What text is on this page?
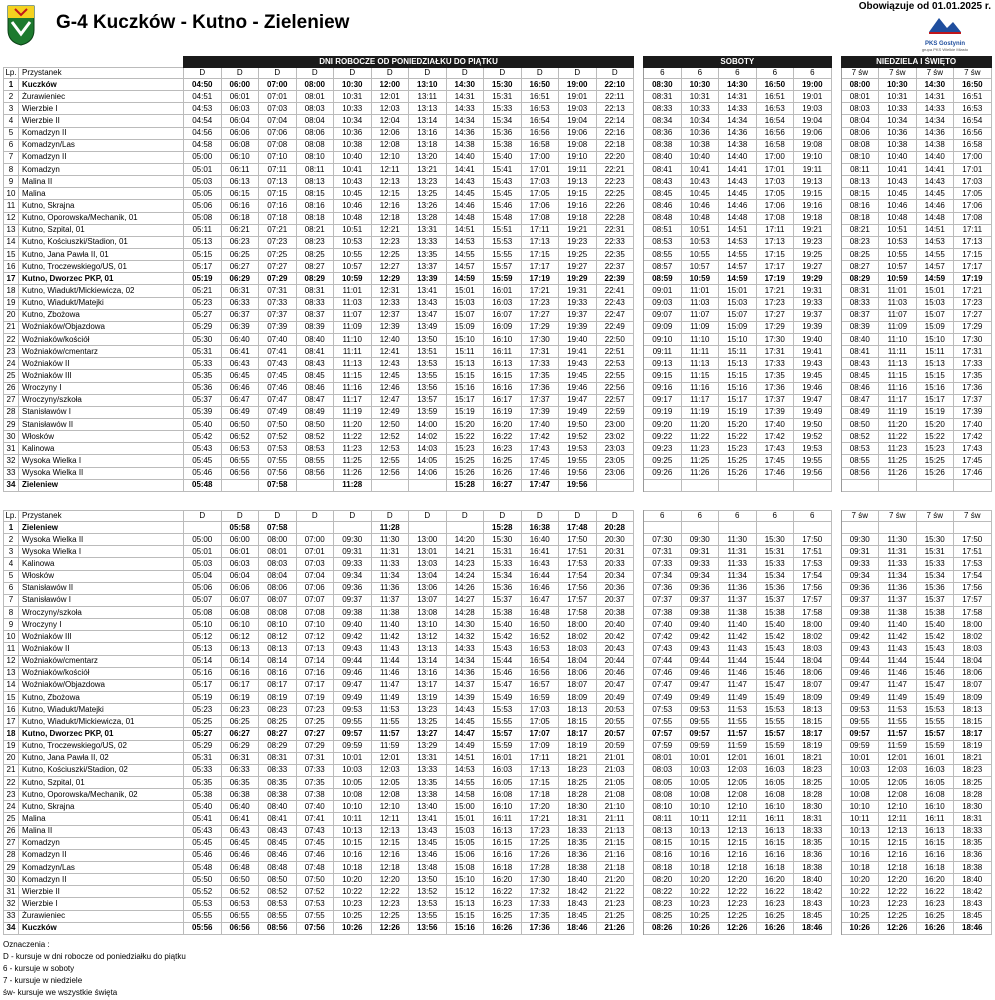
G-4 Kuczków - Kutno - Zieleniew
Obowiązuje od 01.01.2025 r.
PKS Gostynin
grupa PKS Wielkie Miasto
		DNI ROBOCZE OD PONIEDZIAŁKU DO PIĄTKU													SOBOTY						NIEDZIELA I ŚWIĘTO			
Lp.	Przystanek	D	D	D	D	D	D	D	D	D	D	D	D		6	6	6	6	6		7 św	7 św	7 św	7 św
1	Kuczków	04:50	06:00	07:00	08:00	10:30	12:00	13:10	14:30	15:30	16:50	19:00	22:10		08:30	10:30	14:30	16:50	19:00		08:00	10:30	14:30	16:50
2	Żurawieniec	04:51	06:01	07:01	08:01	10:31	12:01	13:11	14:31	15:31	16:51	19:01	22:11		08:31	10:31	14:31	16:51	19:01		08:01	10:31	14:31	16:51
3	Wierzbie I	04:53	06:03	07:03	08:03	10:33	12:03	13:13	14:33	15:33	16:53	19:03	22:13		08:33	10:33	14:33	16:53	19:03		08:03	10:33	14:33	16:53
4	Wierzbie II	04:54	06:04	07:04	08:04	10:34	12:04	13:14	14:34	15:34	16:54	19:04	22:14		08:34	10:34	14:34	16:54	19:04		08:04	10:34	14:34	16:54
5	Komadzyn II	04:56	06:06	07:06	08:06	10:36	12:06	13:16	14:36	15:36	16:56	19:06	22:16		08:36	10:36	14:36	16:56	19:06		08:06	10:36	14:36	16:56
6	Komadzyn/Las	04:58	06:08	07:08	08:08	10:38	12:08	13:18	14:38	15:38	16:58	19:08	22:18		08:38	10:38	14:38	16:58	19:08		08:08	10:38	14:38	16:58
7	Komadzyn II	05:00	06:10	07:10	08:10	10:40	12:10	13:20	14:40	15:40	17:00	19:10	22:20		08:40	10:40	14:40	17:00	19:10		08:10	10:40	14:40	17:00
8	Komadzyn	05:01	06:11	07:11	08:11	10:41	12:11	13:21	14:41	15:41	17:01	19:11	22:21		08:41	10:41	14:41	17:01	19:11		08:11	10:41	14:41	17:01
9	Malina II	05:03	06:13	07:13	08:13	10:43	12:13	13:23	14:43	15:43	17:03	19:13	22:23		08:43	10:43	14:43	17:03	19:13		08:13	10:43	14:43	17:03
10	Malina	05:05	06:15	07:15	08:15	10:45	12:15	13:25	14:45	15:45	17:05	19:15	22:25		08:45	10:45	14:45	17:05	19:15		08:15	10:45	14:45	17:05
11	Kutno, Skrajna	05:06	06:16	07:16	08:16	10:46	12:16	13:26	14:46	15:46	17:06	19:16	22:26		08:46	10:46	14:46	17:06	19:16		08:16	10:46	14:46	17:06
12	Kutno, Oporowska/Mechanik, 01	05:08	06:18	07:18	08:18	10:48	12:18	13:28	14:48	15:48	17:08	19:18	22:28		08:48	10:48	14:48	17:08	19:18		08:18	10:48	14:48	17:08
13	Kutno, Szpital, 01	05:11	06:21	07:21	08:21	10:51	12:21	13:31	14:51	15:51	17:11	19:21	22:31		08:51	10:51	14:51	17:11	19:21		08:21	10:51	14:51	17:11
14	Kutno, Kościuszki/Stadion, 01	05:13	06:23	07:23	08:23	10:53	12:23	13:33	14:53	15:53	17:13	19:23	22:33		08:53	10:53	14:53	17:13	19:23		08:23	10:53	14:53	17:13
15	Kutno, Jana Pawła II, 01	05:15	06:25	07:25	08:25	10:55	12:25	13:35	14:55	15:55	17:15	19:25	22:35		08:55	10:55	14:55	17:15	19:25		08:25	10:55	14:55	17:15
16	Kutno, Troczewskiego/US, 01	05:17	06:27	07:27	08:27	10:57	12:27	13:37	14:57	15:57	17:17	19:27	22:37		08:57	10:57	14:57	17:17	19:27		08:27	10:57	14:57	17:17
17	Kutno, Dworzec PKP, 01	05:19	06:29	07:29	08:29	10:59	12:29	13:39	14:59	15:59	17:19	19:29	22:39		08:59	10:59	14:59	17:19	19:29		08:29	10:59	14:59	17:19
18	Kutno, Wiadukt/Mickiewicza, 02	05:21	06:31	07:31	08:31	11:01	12:31	13:41	15:01	16:01	17:21	19:31	22:41		09:01	11:01	15:01	17:21	19:31		08:31	11:01	15:01	17:21
19	Kutno, Wiadukt/Matejki	05:23	06:33	07:33	08:33	11:03	12:33	13:43	15:03	16:03	17:23	19:33	22:43		09:03	11:03	15:03	17:23	19:33		08:33	11:03	15:03	17:23
20	Kutno, Zbożowa	05:27	06:37	07:37	08:37	11:07	12:37	13:47	15:07	16:07	17:27	19:37	22:47		09:07	11:07	15:07	17:27	19:37		08:37	11:07	15:07	17:27
21	Woźniaków/Objazdowa	05:29	06:39	07:39	08:39	11:09	12:39	13:49	15:09	16:09	17:29	19:39	22:49		09:09	11:09	15:09	17:29	19:39		08:39	11:09	15:09	17:29
22	Woźniaków/kościół	05:30	06:40	07:40	08:40	11:10	12:40	13:50	15:10	16:10	17:30	19:40	22:50		09:10	11:10	15:10	17:30	19:40		08:40	11:10	15:10	17:30
23	Woźniaków/cmentarz	05:31	06:41	07:41	08:41	11:11	12:41	13:51	15:11	16:11	17:31	19:41	22:51		09:11	11:11	15:11	17:31	19:41		08:41	11:11	15:11	17:31
24	Woźniaków II	05:33	06:43	07:43	08:43	11:13	12:43	13:53	15:13	16:13	17:33	19:43	22:53		09:13	11:13	15:13	17:33	19:43		08:43	11:13	15:13	17:33
25	Woźniaków III	05:35	06:45	07:45	08:45	11:15	12:45	13:55	15:15	16:15	17:35	19:45	22:55		09:15	11:15	15:15	17:35	19:45		08:45	11:15	15:15	17:35
26	Wroczyny I	05:36	06:46	07:46	08:46	11:16	12:46	13:56	15:16	16:16	17:36	19:46	22:56		09:16	11:16	15:16	17:36	19:46		08:46	11:16	15:16	17:36
27	Wroczyny/szkoła	05:37	06:47	07:47	08:47	11:17	12:47	13:57	15:17	16:17	17:37	19:47	22:57		09:17	11:17	15:17	17:37	19:47		08:47	11:17	15:17	17:37
28	Stanisławów I	05:39	06:49	07:49	08:49	11:19	12:49	13:59	15:19	16:19	17:39	19:49	22:59		09:19	11:19	15:19	17:39	19:49		08:49	11:19	15:19	17:39
29	Stanisławów II	05:40	06:50	07:50	08:50	11:20	12:50	14:00	15:20	16:20	17:40	19:50	23:00		09:20	11:20	15:20	17:40	19:50		08:50	11:20	15:20	17:40
30	Włosków	05:42	06:52	07:52	08:52	11:22	12:52	14:02	15:22	16:22	17:42	19:52	23:02		09:22	11:22	15:22	17:42	19:52		08:52	11:22	15:22	17:42
31	Kalinowa	05:43	06:53	07:53	08:53	11:23	12:53	14:03	15:23	16:23	17:43	19:53	23:03		09:23	11:23	15:23	17:43	19:53		08:53	11:23	15:23	17:43
32	Wysoka Wielka I	05:45	06:55	07:55	08:55	11:25	12:55	14:05	15:25	16:25	17:45	19:55	23:05		09:25	11:25	15:25	17:45	19:55		08:55	11:25	15:25	17:45
33	Wysoka Wielka II	05:46	06:56	07:56	08:56	11:26	12:56	14:06	15:26	16:26	17:46	19:56	23:06		09:26	11:26	15:26	17:46	19:56		08:56	11:26	15:26	17:46
34	Zieleniew	05:48		07:58		11:28			15:28	16:27	17:47	19:56												
Lp.	Przystanek	D	D	D	D	D	D	D	D	D	D	D	D		6	6	6	6	6		7 św	7 św	7 św	7 św
1	Zieleniew		05:58	07:58			11:28			15:28	16:38	17:48	20:28											
2	Wysoka Wielka II	05:00	06:00	08:00	07:00	09:30	11:30	13:00	14:20	15:30	16:40	17:50	20:30		07:30	09:30	11:30	15:30	17:50		09:30	11:30	15:30	17:50
3	Wysoka Wielka I	05:01	06:01	08:01	07:01	09:31	11:31	13:01	14:21	15:31	16:41	17:51	20:31		07:31	09:31	11:31	15:31	17:51		09:31	11:31	15:31	17:51
4	Kalinowa	05:03	06:03	08:03	07:03	09:33	11:33	13:03	14:23	15:33	16:43	17:53	20:33		07:33	09:33	11:33	15:33	17:53		09:33	11:33	15:33	17:53
5	Włosków	05:04	06:04	08:04	07:04	09:34	11:34	13:04	14:24	15:34	16:44	17:54	20:34		07:34	09:34	11:34	15:34	17:54		09:34	11:34	15:34	17:54
6	Stanisławów II	05:06	06:06	08:06	07:06	09:36	11:36	13:06	14:26	15:36	16:46	17:56	20:36		07:36	09:36	11:36	15:36	17:56		09:36	11:36	15:36	17:56
7	Stanisławów I	05:07	06:07	08:07	07:07	09:37	11:37	13:07	14:27	15:37	16:47	17:57	20:37		07:37	09:37	11:37	15:37	17:57		09:37	11:37	15:37	17:57
8	Wroczyny/szkoła	05:08	06:08	08:08	07:08	09:38	11:38	13:08	14:28	15:38	16:48	17:58	20:38		07:38	09:38	11:38	15:38	17:58		09:38	11:38	15:38	17:58
9	Wroczyny I	05:10	06:10	08:10	07:10	09:40	11:40	13:10	14:30	15:40	16:50	18:00	20:40		07:40	09:40	11:40	15:40	18:00		09:40	11:40	15:40	18:00
10	Woźniaków III	05:12	06:12	08:12	07:12	09:42	11:42	13:12	14:32	15:42	16:52	18:02	20:42		07:42	09:42	11:42	15:42	18:02		09:42	11:42	15:42	18:02
11	Woźniaków II	05:13	06:13	08:13	07:13	09:43	11:43	13:13	14:33	15:43	16:53	18:03	20:43		07:43	09:43	11:43	15:43	18:03		09:43	11:43	15:43	18:03
12	Woźniaków/cmentarz	05:14	06:14	08:14	07:14	09:44	11:44	13:14	14:34	15:44	16:54	18:04	20:44		07:44	09:44	11:44	15:44	18:04		09:44	11:44	15:44	18:04
13	Woźniaków/kościół	05:16	06:16	08:16	07:16	09:46	11:46	13:16	14:36	15:46	16:56	18:06	20:46		07:46	09:46	11:46	15:46	18:06		09:46	11:46	15:46	18:06
14	Woźniaków/Objazdowa	05:17	06:17	08:17	07:17	09:47	11:47	13:17	14:37	15:47	16:57	18:07	20:47		07:47	09:47	11:47	15:47	18:07		09:47	11:47	15:47	18:07
15	Kutno, Zbożowa	05:19	06:19	08:19	07:19	09:49	11:49	13:19	14:39	15:49	16:59	18:09	20:49		07:49	09:49	11:49	15:49	18:09		09:49	11:49	15:49	18:09
16	Kutno, Wiadukt/Matejki	05:23	06:23	08:23	07:23	09:53	11:53	13:23	14:43	15:53	17:03	18:13	20:53		07:53	09:53	11:53	15:53	18:13		09:53	11:53	15:53	18:13
17	Kutno, Wiadukt/Mickiewicza, 01	05:25	06:25	08:25	07:25	09:55	11:55	13:25	14:45	15:55	17:05	18:15	20:55		07:55	09:55	11:55	15:55	18:15		09:55	11:55	15:55	18:15
18	Kutno, Dworzec PKP, 01	05:27	06:27	08:27	07:27	09:57	11:57	13:27	14:47	15:57	17:07	18:17	20:57		07:57	09:57	11:57	15:57	18:17		09:57	11:57	15:57	18:17
19	Kutno, Troczewskiego/US, 02	05:29	06:29	08:29	07:29	09:59	11:59	13:29	14:49	15:59	17:09	18:19	20:59		07:59	09:59	11:59	15:59	18:19		09:59	11:59	15:59	18:19
20	Kutno, Jana Pawła II, 02	05:31	06:31	08:31	07:31	10:01	12:01	13:31	14:51	16:01	17:11	18:21	21:01		08:01	10:01	12:01	16:01	18:21		10:01	12:01	16:01	18:21
21	Kutno, Kościuszki/Stadion, 02	05:33	06:33	08:33	07:33	10:03	12:03	13:33	14:53	16:03	17:13	18:23	21:03		08:03	10:03	12:03	16:03	18:23		10:03	12:03	16:03	18:23
22	Kutno, Szpital, 01	05:35	06:35	08:35	07:35	10:05	12:05	13:35	14:55	16:05	17:15	18:25	21:05		08:05	10:05	12:05	16:05	18:25		10:05	12:05	16:05	18:25
23	Kutno, Oporowska/Mechanik, 02	05:38	06:38	08:38	07:38	10:08	12:08	13:38	14:58	16:08	17:18	18:28	21:08		08:08	10:08	12:08	16:08	18:28		10:08	12:08	16:08	18:28
24	Kutno, Skrajna	05:40	06:40	08:40	07:40	10:10	12:10	13:40	15:00	16:10	17:20	18:30	21:10		08:10	10:10	12:10	16:10	18:30		10:10	12:10	16:10	18:30
25	Malina	05:41	06:41	08:41	07:41	10:11	12:11	13:41	15:01	16:11	17:21	18:31	21:11		08:11	10:11	12:11	16:11	18:31		10:11	12:11	16:11	18:31
26	Malina II	05:43	06:43	08:43	07:43	10:13	12:13	13:43	15:03	16:13	17:23	18:33	21:13		08:13	10:13	12:13	16:13	18:33		10:13	12:13	16:13	18:33
27	Komadzyn	05:45	06:45	08:45	07:45	10:15	12:15	13:45	15:05	16:15	17:25	18:35	21:15		08:15	10:15	12:15	16:15	18:35		10:15	12:15	16:15	18:35
28	Komadzyn II	05:46	06:46	08:46	07:46	10:16	12:16	13:46	15:06	16:16	17:26	18:36	21:16		08:16	10:16	12:16	16:16	18:36		10:16	12:16	16:16	18:36
29	Komadzyn/Las	05:48	06:48	08:48	07:48	10:18	12:18	13:48	15:08	16:18	17:28	18:38	21:18		08:18	10:18	12:18	16:18	18:38		10:18	12:18	16:18	18:38
30	Komadzyn II	05:50	06:50	08:50	07:50	10:20	12:20	13:50	15:10	16:20	17:30	18:40	21:20		08:20	10:20	12:20	16:20	18:40		10:20	12:20	16:20	18:40
31	Wierzbie II	05:52	06:52	08:52	07:52	10:22	12:22	13:52	15:12	16:22	17:32	18:42	21:22		08:22	10:22	12:22	16:22	18:42		10:22	12:22	16:22	18:42
32	Wierzbie I	05:53	06:53	08:53	07:53	10:23	12:23	13:53	15:13	16:23	17:33	18:43	21:23		08:23	10:23	12:23	16:23	18:43		10:23	12:23	16:23	18:43
33	Żurawieniec	05:55	06:55	08:55	07:55	10:25	12:25	13:55	15:15	16:25	17:35	18:45	21:25		08:25	10:25	12:25	16:25	18:45		10:25	12:25	16:25	18:45
34	Kuczków	05:56	06:56	08:56	07:56	10:26	12:26	13:56	15:16	16:26	17:36	18:46	21:26		08:26	10:26	12:26	16:26	18:46		10:26	12:26	16:26	18:46
Oznaczenia :
D - kursuje w dni robocze od poniedziałku do piątku
6 - kursuje w soboty
7 - kursuje w niedziele
św- kursuje we wszystkie święta
